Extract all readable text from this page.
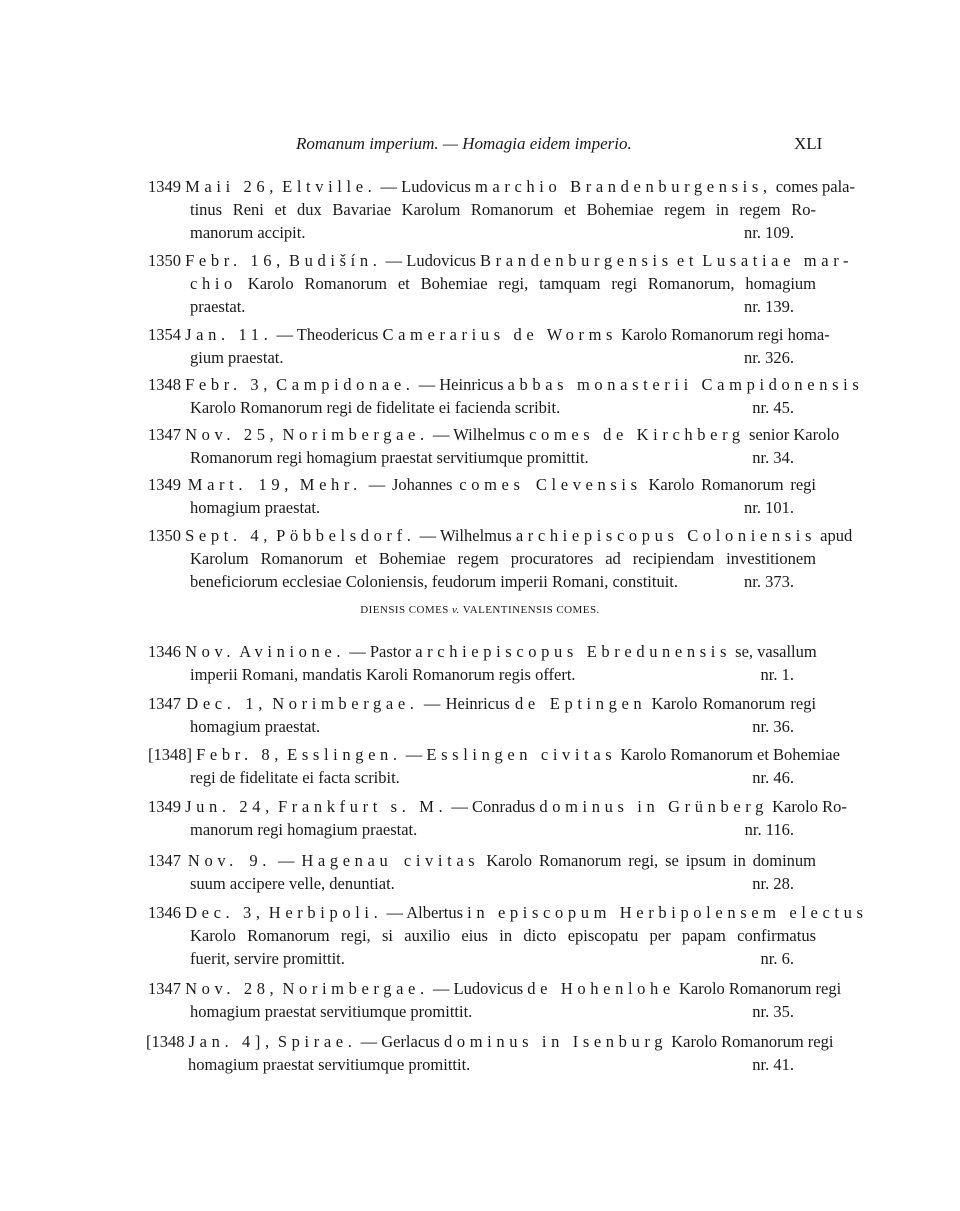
Romanum imperium. — Homagia eidem imperio.	XLI
1349 Maii 26, Eltville. — Ludovicus marchio Brandenburgensis, comes pala-
tinus Reni et dux Bavariae Karolum Romanorum et Bohemiae regem in regem Ro-
manorum accipit.	nr. 109.
1350 Febr. 16, Budišín. — Ludovicus Brandenburgensis et Lusatiae mar-
chio Karolo Romanorum et Bohemiae regi, tamquam regi Romanorum, homagium
praestat.	nr. 139.
1354 Jan. 11. — Theodericus Camerarius de Worms Karolo Romanorum regi homa-
gium praestat.	nr. 326.
1348 Febr. 3, Campidonae. — Heinricus abbas monasterii Campidonensis
Karolo Romanorum regi de fidelitate ei facienda scribit.	nr. 45.
1347 Nov. 25, Norimbergae. — Wilhelmus comes de Kirchberg senior Karolo
Romanorum regi homagium praestat servitiumque promittit.	nr. 34.
1349 Mart. 19, Mehr. — Johannes comes Clevensis Karolo Romanorum regi
homagium praestat.	nr. 101.
1350 Sept. 4, Pöbbelsdorf. — Wilhelmus archiepiscopus Coloniensis apud
Karolum Romanorum et Bohemiae regem procuratores ad recipiendam investitionem
beneficiorum ecclesiae Coloniensis, feudorum imperii Romani, constituit.	nr. 373.
DIENSIS COMES v. VALENTINENSIS COMES.
1346 Nov. Avinione. — Pastor archiepiscopus Ebredunensis se, vasallum
imperii Romani, mandatis Karoli Romanorum regis offert.	nr. 1.
1347 Dec. 1, Norimbergae. — Heinricus de Eptingen Karolo Romanorum regi
homagium praestat.	nr. 36.
[1348] Febr. 8, Esslingen. — Esslingen civitas Karolo Romanorum et Bohemiae
regi de fidelitate ei facta scribit.	nr. 46.
1349 Jun. 24, Frankfurt s. M. — Conradus dominus in Grünberg Karolo Ro-
manorum regi homagium praestat.	nr. 116.
1347 Nov. 9. — Hagenau civitas Karolo Romanorum regi, se ipsum in dominum
suum accipere velle, denuntiat.	nr. 28.
1346 Dec. 3, Herbipoli. — Albertus in episcopum Herbipolensem electus
Karolo Romanorum regi, si auxilio eius in dicto episcopatu per papam confirmatus
fuerit, servire promittit.	nr. 6.
1347 Nov. 28, Norimbergae. — Ludovicus de Hohenlohe Karolo Romanorum regi
homagium praestat servitiumque promittit.	nr. 35.
[1348 Jan. 4], Spirae. — Gerlacus dominus in Isenburg Karolo Romanorum regi
homagium praestat servitiumque promittit.	nr. 41.
